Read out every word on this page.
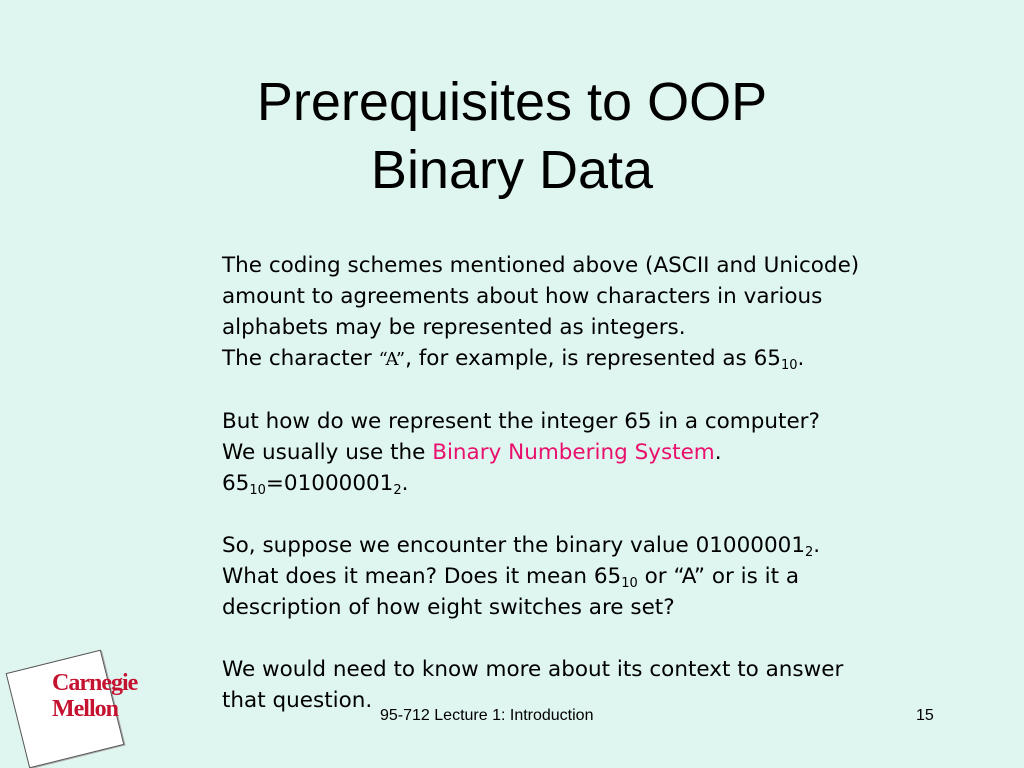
Prerequisites to OOP
Binary Data
The coding schemes mentioned above (ASCII and Unicode)
amount to agreements about how characters in various
alphabets may be represented as integers.
The character “A”, for example, is represented as $65_{10}$.
But how do we represent the integer 65 in a computer?
We usually use the Binary Numbering System.
$65_{10}=01000001_2$.
So, suppose we encounter the binary value $01000001_2$.
What does it mean? Does it mean $65_{10}$ or “A” or is it a
description of how eight switches are set?
We would need to know more about its context to answer
that question.
Carnegie
Mellon	95-712 Lecture 1: Introduction	15
